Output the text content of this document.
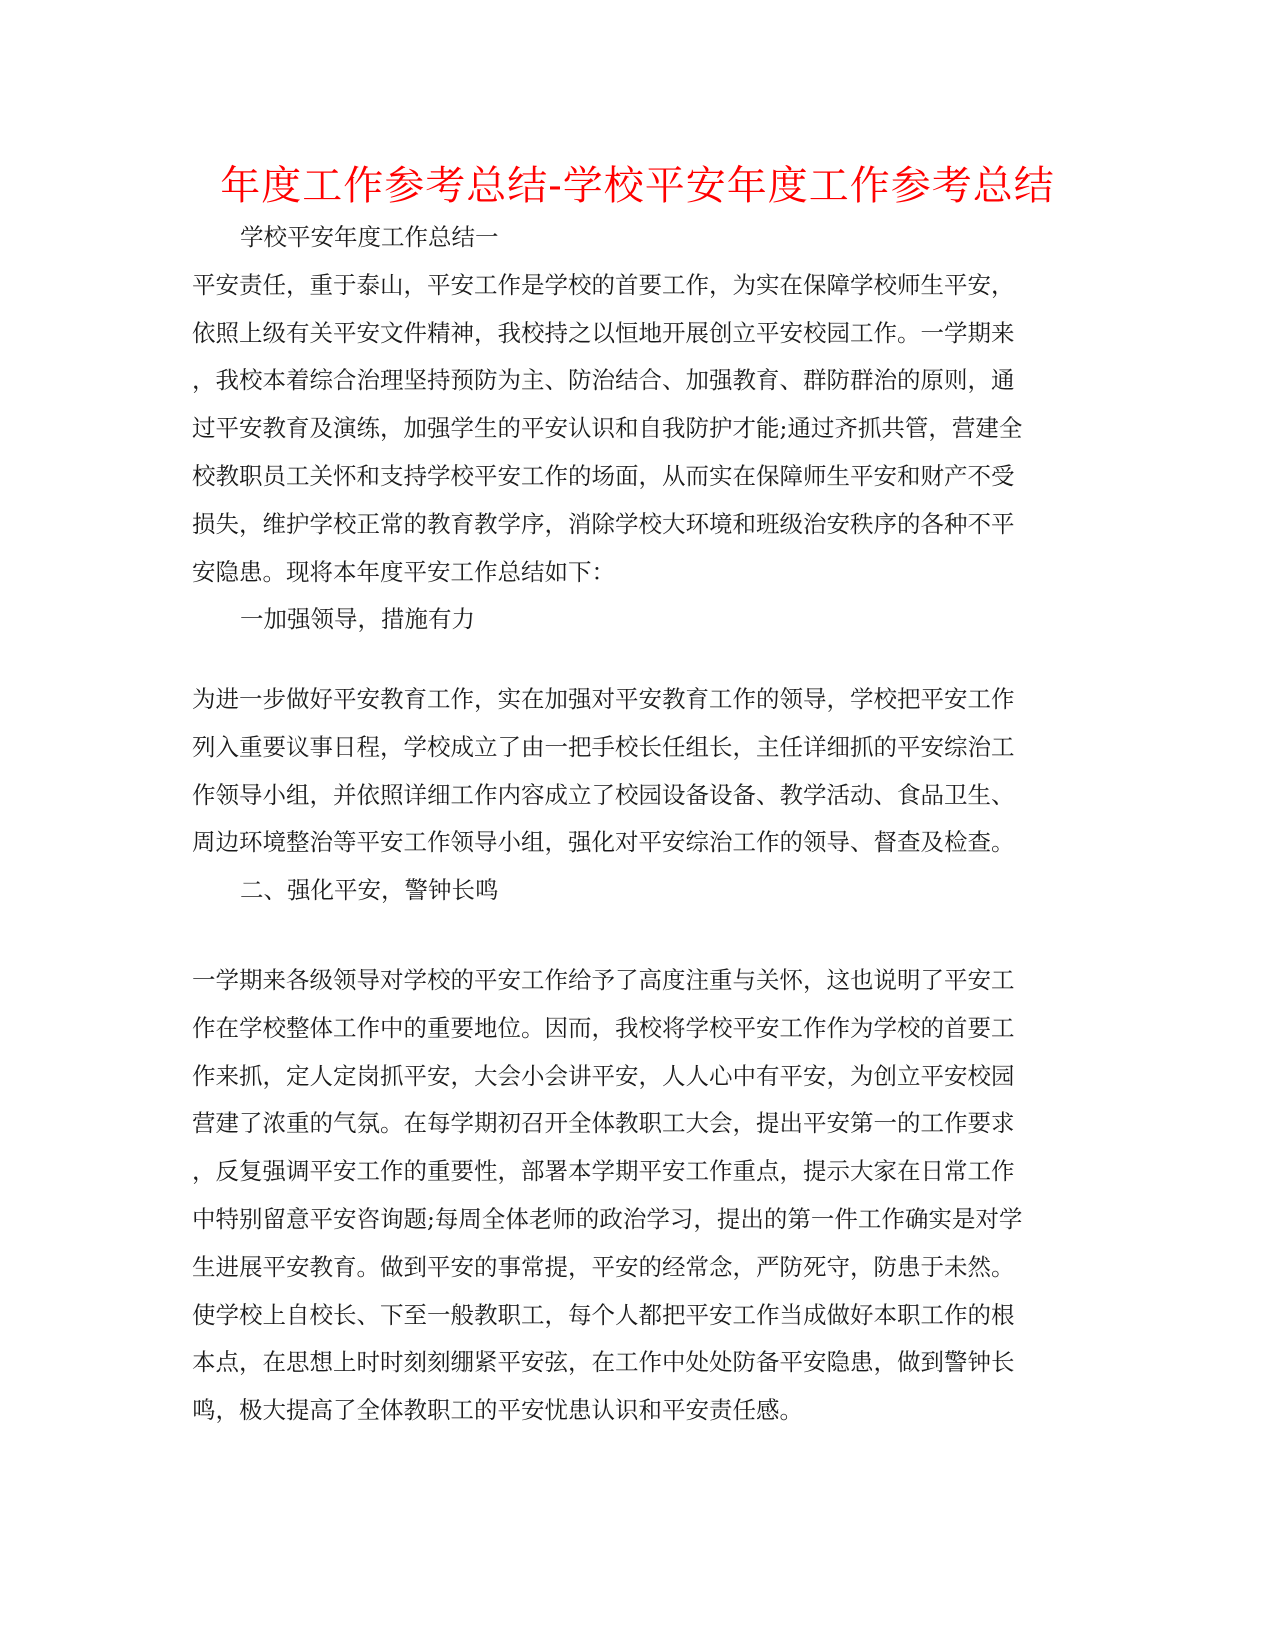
年度工作参考总结-学校平安年度工作参考总结
学校平安年度工作总结一
平安责任，重于泰山，平安工作是学校的首要工作，为实在保障学校师生平安，
依照上级有关平安文件精神，我校持之以恒地开展创立平安校园工作。一学期来
，我校本着综合治理坚持预防为主、防治结合、加强教育、群防群治的原则，通
过平安教育及演练，加强学生的平安认识和自我防护才能;通过齐抓共管，营建全
校教职员工关怀和支持学校平安工作的场面，从而实在保障师生平安和财产不受
损失，维护学校正常的教育教学序，消除学校大环境和班级治安秩序的各种不平
安隐患。现将本年度平安工作总结如下：
一加强领导，措施有力
为进一步做好平安教育工作，实在加强对平安教育工作的领导，学校把平安工作
列入重要议事日程，学校成立了由一把手校长任组长，主任详细抓的平安综治工
作领导小组，并依照详细工作内容成立了校园设备设备、教学活动、食品卫生、
周边环境整治等平安工作领导小组，强化对平安综治工作的领导、督查及检查。
二、强化平安，警钟长鸣
一学期来各级领导对学校的平安工作给予了高度注重与关怀，这也说明了平安工
作在学校整体工作中的重要地位。因而，我校将学校平安工作作为学校的首要工
作来抓，定人定岗抓平安，大会小会讲平安，人人心中有平安，为创立平安校园
营建了浓重的气氛。在每学期初召开全体教职工大会，提出平安第一的工作要求
，反复强调平安工作的重要性，部署本学期平安工作重点，提示大家在日常工作
中特别留意平安咨询题;每周全体老师的政治学习，提出的第一件工作确实是对学
生进展平安教育。做到平安的事常提，平安的经常念，严防死守，防患于未然。
使学校上自校长、下至一般教职工，每个人都把平安工作当成做好本职工作的根
本点，在思想上时时刻刻绷紧平安弦，在工作中处处防备平安隐患，做到警钟长
鸣，极大提高了全体教职工的平安忧患认识和平安责任感。
